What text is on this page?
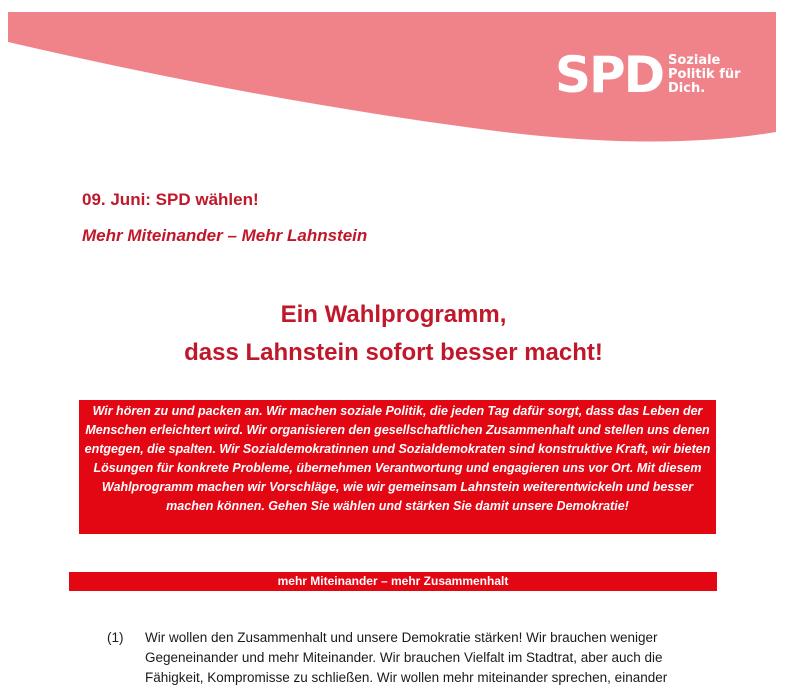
SPD Soziale
Politik für
Dich.
09. Juni: SPD wählen!
Mehr Miteinander – Mehr Lahnstein
Ein Wahlprogramm,
dass Lahnstein sofort besser macht!
Wir hören zu und packen an. Wir machen soziale Politik, die jeden Tag dafür sorgt, dass das Leben der Menschen erleichtert wird. Wir organisieren den gesellschaftlichen Zusammenhalt und stellen uns denen entgegen, die spalten. Wir Sozialdemokratinnen und Sozialdemokraten sind konstruktive Kraft, wir bieten Lösungen für konkrete Probleme, übernehmen Verantwortung und engagieren uns vor Ort. Mit diesem Wahlprogramm machen wir Vorschläge, wie wir gemeinsam Lahnstein weiterentwickeln und besser machen können. Gehen Sie wählen und stärken Sie damit unsere Demokratie!
mehr Miteinander – mehr Zusammenhalt
(1) Wir wollen den Zusammenhalt und unsere Demokratie stärken! Wir brauchen weniger Gegeneinander und mehr Miteinander. Wir brauchen Vielfalt im Stadtrat, aber auch die Fähigkeit, Kompromisse zu schließen. Wir wollen mehr miteinander sprechen, einander
